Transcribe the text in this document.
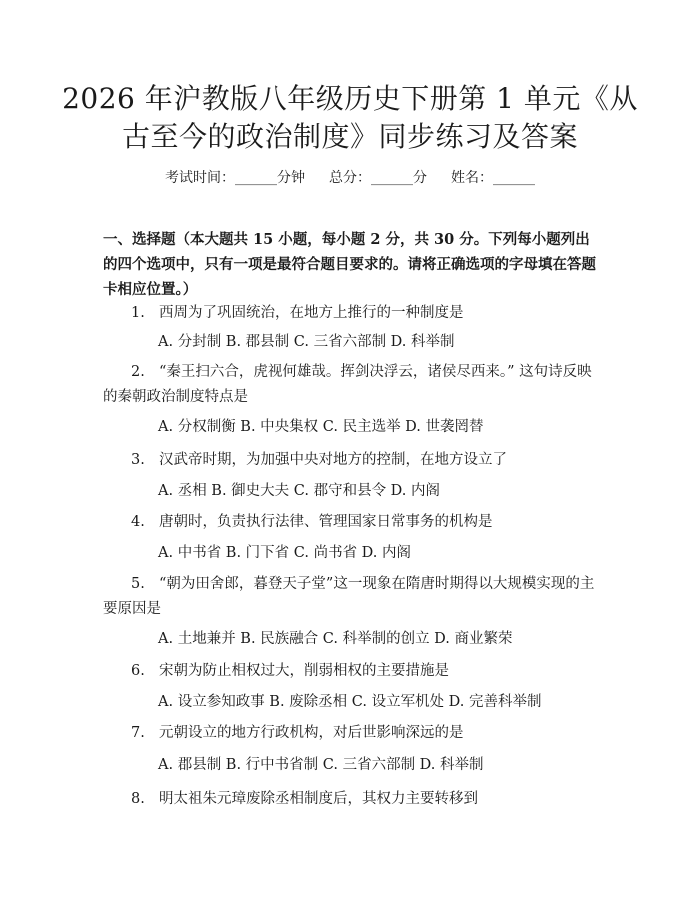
2026 年沪教版八年级历史下册第 1 单元《从
古至今的政治制度》同步练习及答案
考试时间：______分钟 总分：______分 姓名：______
一、选择题（本大题共 15 小题，每小题 2 分，共 30 分。下列每小题列出的四个选项中，只有一项是最符合题目要求的。请将正确选项的字母填在答题卡相应位置。）
1. 西周为了巩固统治，在地方上推行的一种制度是
A. 分封制 B. 郡县制 C. 三省六部制 D. 科举制
2. “秦王扫六合，虎视何雄哉。挥剑决浮云，诸侯尽西来。” 这句诗反映的秦朝政治制度特点是
A. 分权制衡 B. 中央集权 C. 民主选举 D. 世袭罔替
3. 汉武帝时期，为加强中央对地方的控制，在地方设立了
A. 丞相 B. 御史大夫 C. 郡守和县令 D. 内阁
4. 唐朝时，负责执行法律、管理国家日常事务的机构是
A. 中书省 B. 门下省 C. 尚书省 D. 内阁
5. “朝为田舍郎，暮登天子堂”这一现象在隋唐时期得以大规模实现的主要原因是
A. 土地兼并 B. 民族融合 C. 科举制的创立 D. 商业繁荣
6. 宋朝为防止相权过大，削弱相权的主要措施是
A. 设立参知政事 B. 废除丞相 C. 设立军机处 D. 完善科举制
7. 元朝设立的地方行政机构，对后世影响深远的是
A. 郡县制 B. 行中书省制 C. 三省六部制 D. 科举制
8. 明太祖朱元璋废除丞相制度后，其权力主要转移到
